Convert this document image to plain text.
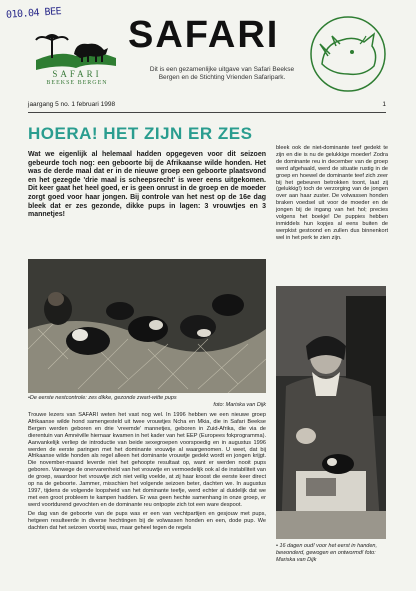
010.04 BEE
SAFARI
BEEKSE BERGEN
SAFARI
Dit is een gezamenlijke uitgave van Safari Beekse Bergen en de Stichting Vrienden Safaripark.
jaargang 5 no. 1 februari 1998	1
HOERA! HET ZIJN ER ZES
Wat we eigenlijk al helemaal hadden opgegeven voor dit seizoen gebeurde toch nog: een geboorte bij de Afrikaanse wilde honden. Het was de derde maal dat er in de nieuwe groep een geboorte plaatsvond en het gezegde 'drie maal is scheepsrecht' is weer eens uitgekomen. Dit keer gaat het heel goed, er is geen onrust in de groep en de moeder zorgt goed voor haar jongen. Bij controle van het nest op de 16e dag bleek dat er zes gezonde, dikke pups in lagen: 3 vrouwtjes en 3 mannetjes!
•De eerste nestcontrole: zes dikke, gezonde zwart-witte pups
foto: Mariska van Dijk

Trouwe lezers van SAFARI weten het vast nog wel. In 1996 hebben we een nieuwe groep Afrikaanse wilde hond samengesteld uit twee vrouwtjes Ncha en Mkia, die in Safari Beekse Bergen werden geboren en drie 'vreemde' mannetjes, geboren in Zuid-Afrika, die via de dierentuin van Amnéville hiernaar kwamen in het kader van het EEP (Europees fokprogramma). Aanvankelijk verliep de introductie van beide sexegroepen voorspoedig en in augustus 1996 werden de eerste paringen met het dominante vrouwtje al waargenomen. U weet, dat bij Afrikaanse wilde honden als regel alleen het dominante vrouwtje gedekt wordt en jongen krijgt. Die november-maand leverde niet het gehoopte resultaat op, want er werden nooit pups geboren. Vanwege de onervarenheid van het vrouwtje en vermoedelijk ook al de instabiliteit van de groep, waardoor het vrouwtje zich niet veilig voelde, at zij haar kroost die eerste keer direct op na de geboorte. Jammer, misschien het volgende seizoen beter, dachten we. In augustus 1997, tijdens de volgende loopsheid van het dominante teefje, werd echter al duidelijk dat we met een groot probleem te kampen hadden. Er was geen hechte samenhang in onze groep, er werd voortdurend gevochten en de dominante reu ontpopte zich tot een ware despoot.

De dag van de geboorte van de pups was er een van vechtpartijen en gesjouw met pups, hetgeen resulteerde in diverse hechtingen bij de volwassen honden en een, dode pup. We dachten dat het seizoen voorbij was, maar geheel tegen de regels

bleek ook de niet-dominante teef gedekt te zijn en die is nu de gelukkige moeder! Zodra de dominante reu in december van de groep werd afgehaald, werd de situatie rustig in de groep en hoewel de dominante teef zich zeer bij het gebeuren betrokken toont, laat zij (gelukkig!) toch de verzorging van de jongen over aan haar zuster. De volwassen honden braken voedsel uit voor de moeder en de jongen bij de ingang van het hol; precies volgens het boekje! De puppies hebben inmiddels hun kopjes al eens buiten de werpkist gestoond en zullen dus binnenkort wel in het perk te zien zijn.
• 16 dagen oud! voor het eerst in handen, bewonderd, gewogen en ontwormd! foto: Mariska van Dijk
